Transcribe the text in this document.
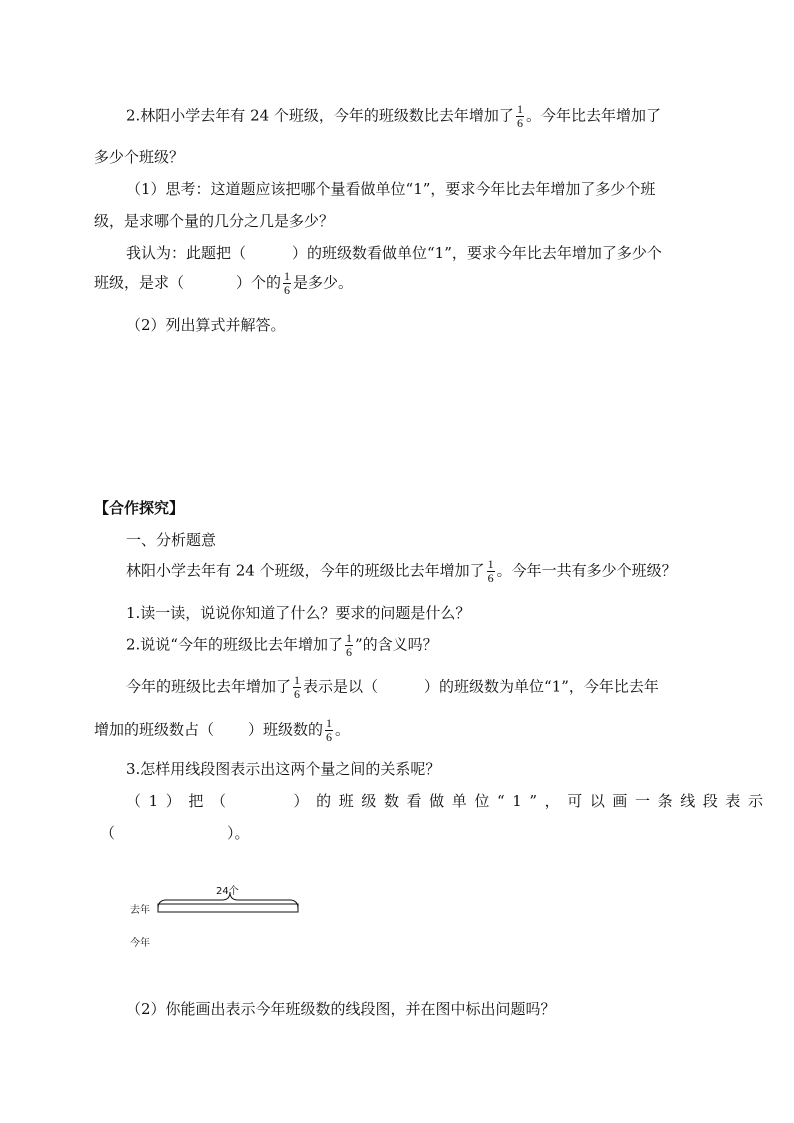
2.林阳小学去年有 24 个班级，今年的班级数比去年增加了 $\frac{1}{6}$ 。今年比去年增加了
多少个班级？
（1）思考：这道题应该把哪个量看做单位“1”，要求今年比去年增加了多少个班
级，是求哪个量的几分之几是多少？
我认为：此题把（	）的班级数看做单位“1”，要求今年比去年增加了多少个
班级，是求（	）个的 $\frac{1}{6}$ 是多少。
（2）列出算式并解答。
【合作探究】
一、分析题意
林阳小学去年有 24 个班级，今年的班级比去年增加了 $\frac{1}{6}$ 。今年一共有多少个班级？
1.读一读，说说你知道了什么？要求的问题是什么？
2.说说“今年的班级比去年增加了 $\frac{1}{6}$ ”的含义吗？
今年的班级比去年增加了 $\frac{1}{6}$ 表示是以（	）的班级数为单位“1”，今年比去年
增加的班级数占（ ）班级数的 $\frac{1}{6}$ 。
3.怎样用线段图表示出这两个量之间的关系呢？
（1）把（	）的班级数看做单位“1”，可以画一条线段表示
（	）。
24个
去年
今年
（2）你能画出表示今年班级数的线段图，并在图中标出问题吗？
